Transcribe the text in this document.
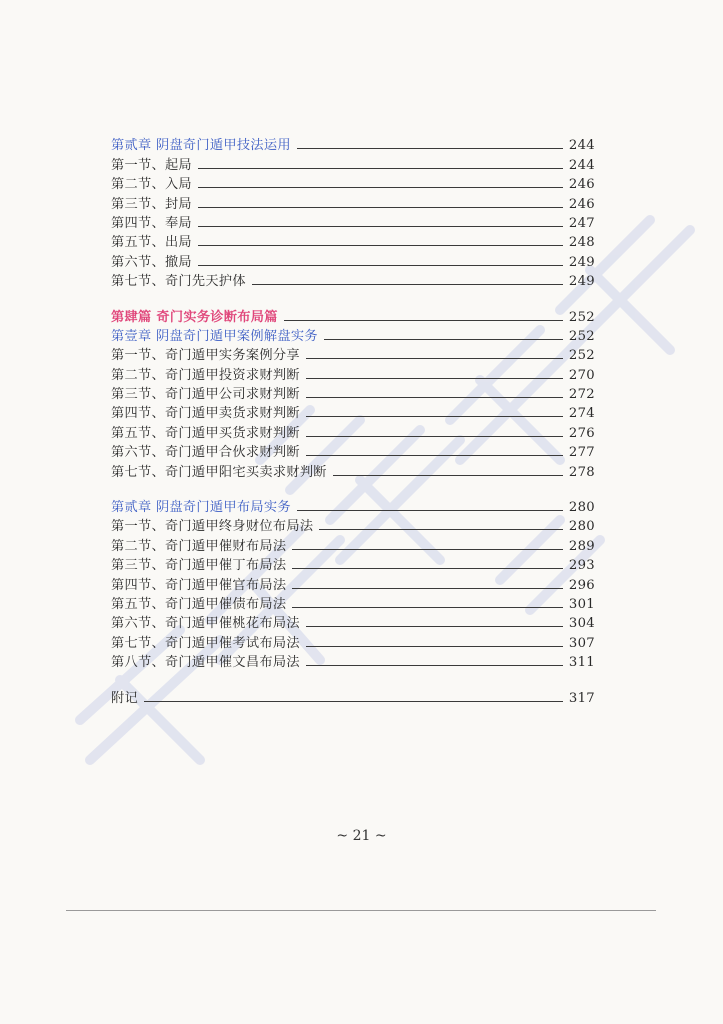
第贰章 阴盘奇门遁甲技法运用	244
第一节、起局	244
第二节、入局	246
第三节、封局	246
第四节、奉局	247
第五节、出局	248
第六节、撤局	249
第七节、奇门先天护体	249
第肆篇 奇门实务诊断布局篇	252
第壹章 阴盘奇门遁甲案例解盘实务	252
第一节、奇门遁甲实务案例分享	252
第二节、奇门遁甲投资求财判断	270
第三节、奇门遁甲公司求财判断	272
第四节、奇门遁甲卖货求财判断	274
第五节、奇门遁甲买货求财判断	276
第六节、奇门遁甲合伙求财判断	277
第七节、奇门遁甲阳宅买卖求财判断	278
第贰章 阴盘奇门遁甲布局实务	280
第一节、奇门遁甲终身财位布局法	280
第二节、奇门遁甲催财布局法	289
第三节、奇门遁甲催丁布局法	293
第四节、奇门遁甲催官布局法	296
第五节、奇门遁甲催债布局法	301
第六节、奇门遁甲催桃花布局法	304
第七节、奇门遁甲催考试布局法	307
第八节、奇门遁甲催文昌布局法	311
附记	317
~ 21 ~
